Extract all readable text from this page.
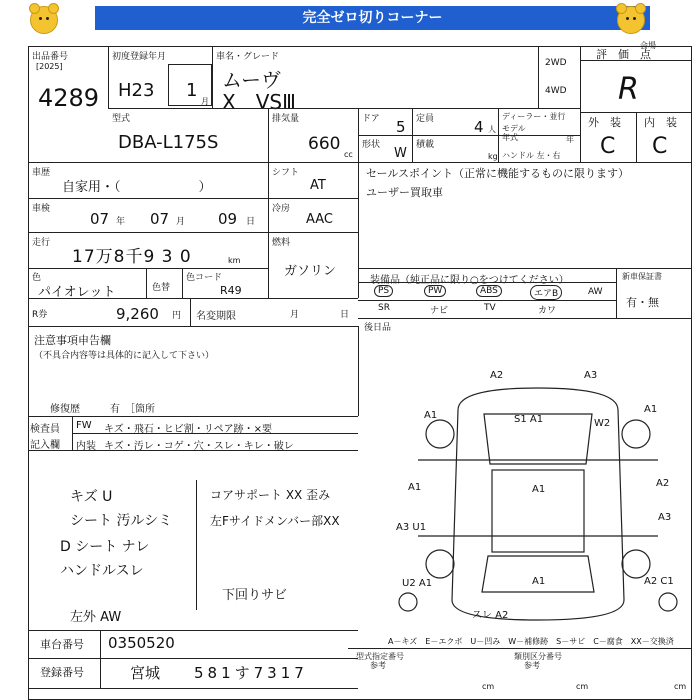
完全ゼロ切りコーナー
会場
出品番号
[2025]
4289
初度登録年月
H23 1
月
車名・グレード
ムーヴ
X　VSⅢ
2WD
4WD
評　価　点
R
外　装 内　装
C C
型式
DBA-L175S
排気量
660
cc
ドア 5 定員	4 人
ディーラー・並行
モデル年式	年
形状
W
積載
kg ハンドル 左・右
車歴
自家用・（　　　　　　）
シフト
AT
セールスポイント（正常に機能するものに限ります）
ユーザー買取車
車検
07 年 07 月 09 日
冷房
AAC
走行
17万8千9 3 0	km
燃料
ガソリン
色
パイオレット	色替
色コード
R49
装備品（純正品に限り○をつけてください）	新車保証書
有・無
PS	PW	ABS	エアB	AW
SR	ナビ	TV	カワ
R券	9,260 円 名変期限	月	日
後日品
注意事項申告欄
（不具合内容等は具体的に記入して下さい）
修復歴	有　［箇所
検査員
記入欄
FW キズ・飛石・ヒビ割・リペア跡・×要
内装 キズ・汚レ・コゲ・穴・スレ・キレ・破レ
キズ U
シート 汚ルシミ
D シート ナレ
ハンドルスレ
左外 AW
コアサポート XX 歪み
左Fサイドメンバー部XX
下回りサビ
A2	A3
A1	S1 A1	W2
A1
A1	A1
A2
A3 U1
A3
A1
U2 A1
スレ A2
A2 C1
車台番号 0350520
登録番号	宮城 581す7317
A－キズ　E－エクボ　U－凹み　W－補修跡　S－サビ　C－腐食　XX－交換済
型式指定番号
参考
類別区分番号
参考
cm	cm	cm
